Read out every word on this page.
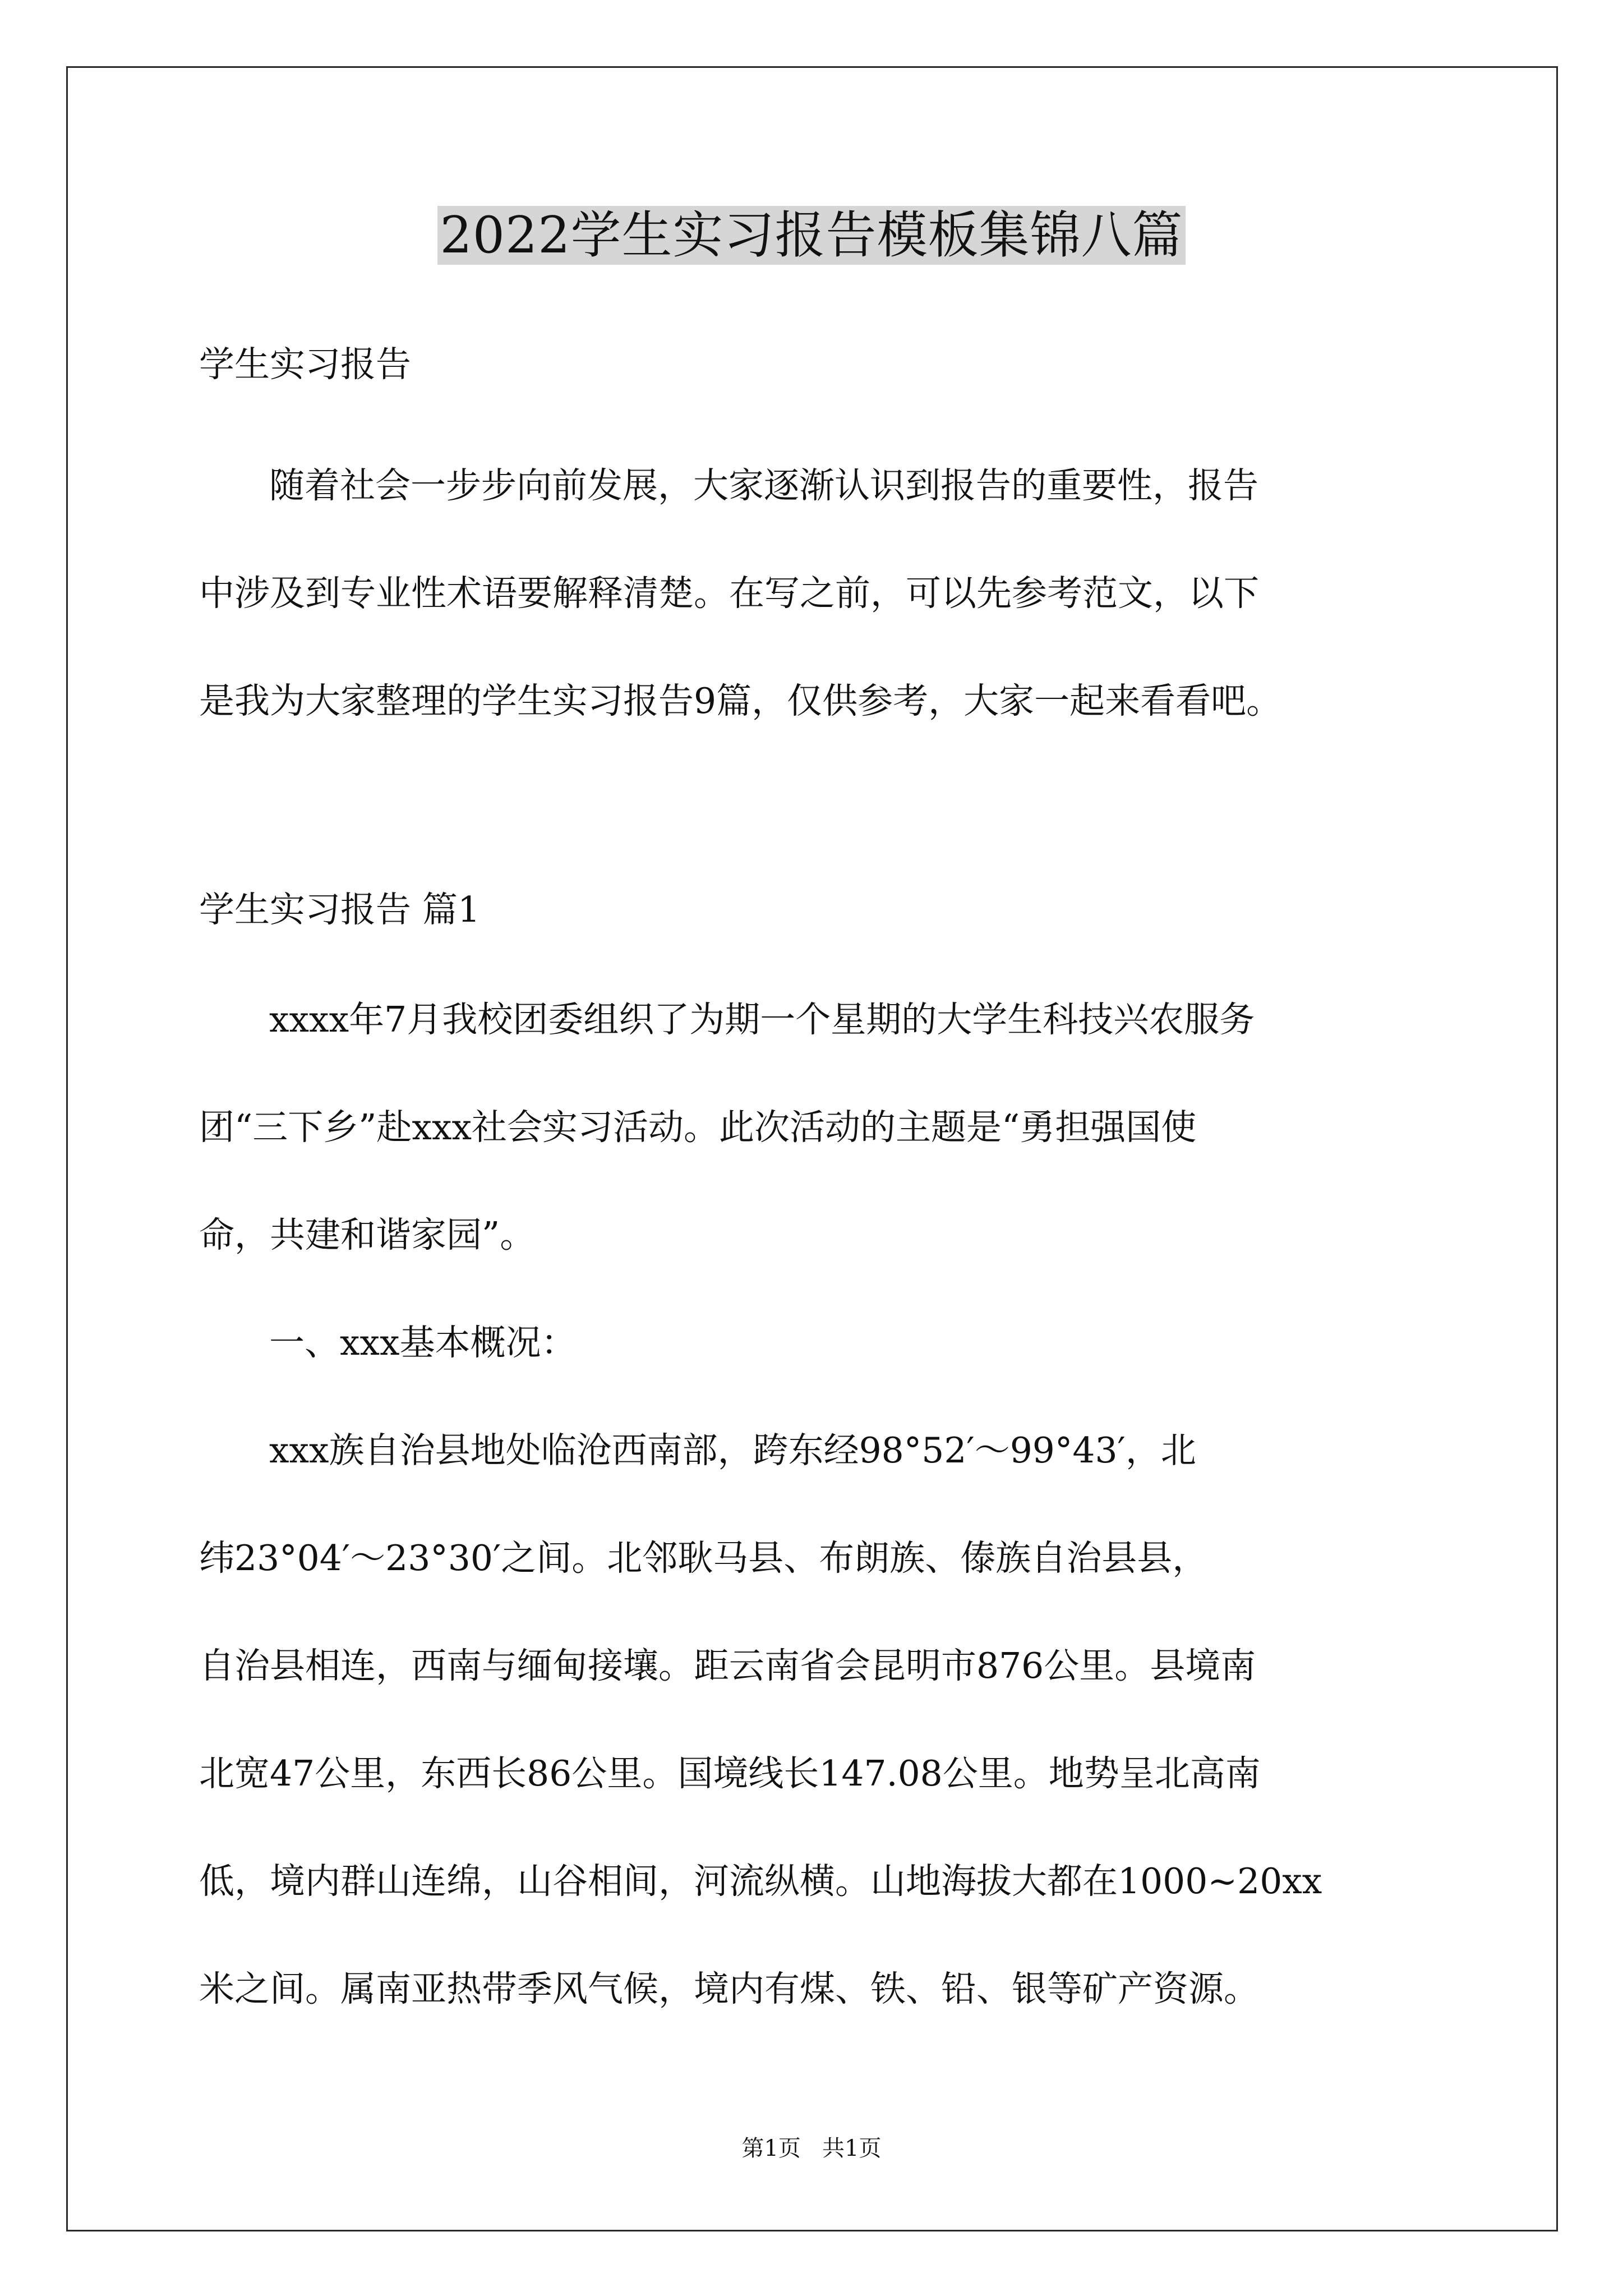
2022学生实习报告模板集锦八篇

学生实习报告

随着社会一步步向前发展，大家逐渐认识到报告的重要性，报告

中涉及到专业性术语要解释清楚。在写之前，可以先参考范文，以下

是我为大家整理的学生实习报告9篇，仅供参考，大家一起来看看吧。

学生实习报告 篇1

xxxx年7月我校团委组织了为期一个星期的大学生科技兴农服务

团“三下乡”赴xxx社会实习活动。此次活动的主题是“勇担强国使

命，共建和谐家园”。

一、xxx基本概况：

xxx族自治县地处临沧西南部，跨东经98°52′～99°43′，北

纬23°04′～23°30′之间。北邻耿马县、布朗族、傣族自治县县，

自治县相连，西南与缅甸接壤。距云南省会昆明市876公里。县境南

北宽47公里，东西长86公里。国境线长147.08公里。地势呈北高南

低，境内群山连绵，山谷相间，河流纵横。山地海拔大都在1000~20xx

米之间。属南亚热带季风气候，境内有煤、铁、铅、银等矿产资源。

第1页   共1页
